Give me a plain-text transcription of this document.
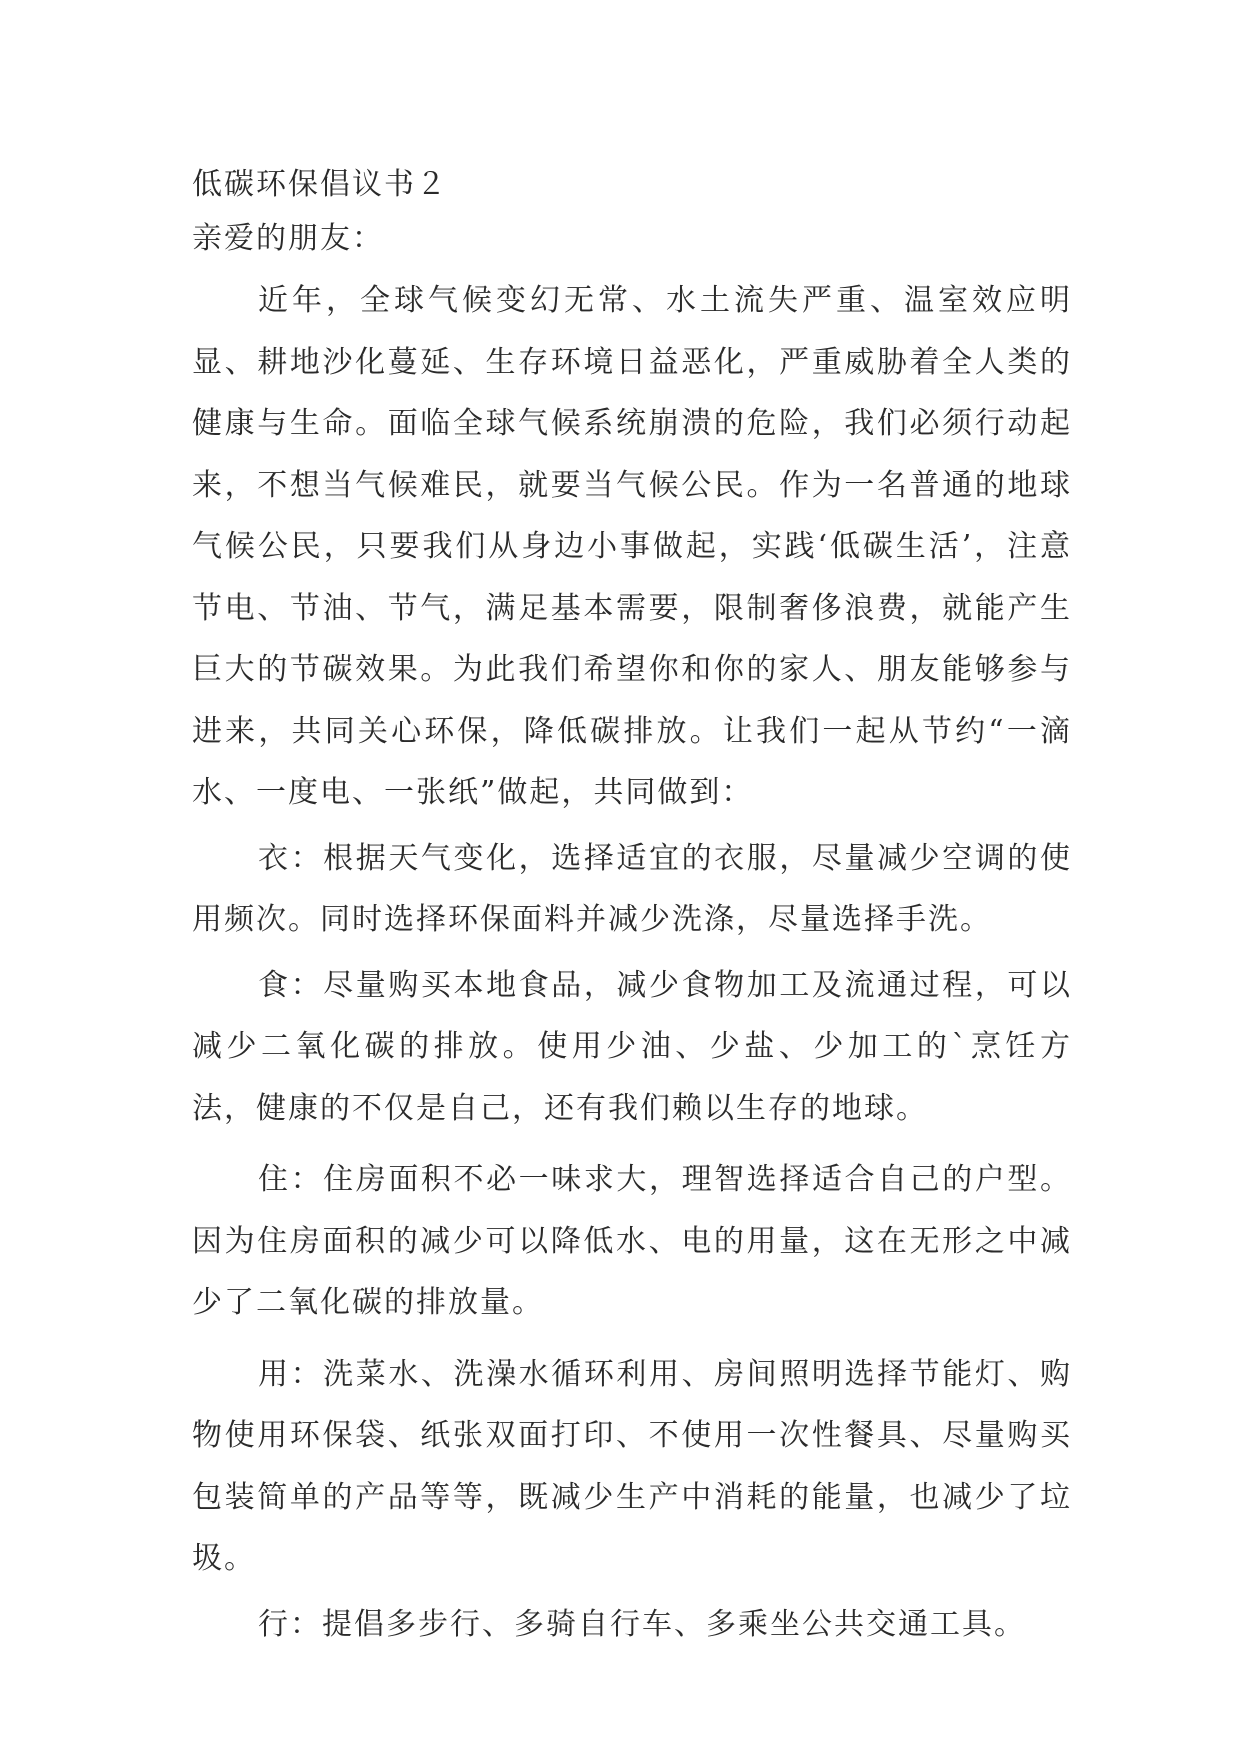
低碳环保倡议书２

亲爱的朋友：

近年，全球气候变幻无常、水土流失严重、温室效应明显、耕地沙化蔓延、生存环境日益恶化，严重威胁着全人类的健康与生命。面临全球气候系统崩溃的危险，我们必须行动起来，不想当气候难民，就要当气候公民。作为一名普通的地球气候公民，只要我们从身边小事做起，实践‘低碳生活’，注意节电、节油、节气，满足基本需要，限制奢侈浪费，就能产生巨大的节碳效果。为此我们希望你和你的家人、朋友能够参与进来，共同关心环保，降低碳排放。让我们一起从节约“一滴水、一度电、一张纸”做起，共同做到：

衣：根据天气变化，选择适宜的衣服，尽量减少空调的使用频次。同时选择环保面料并减少洗涤，尽量选择手洗。

食：尽量购买本地食品，减少食物加工及流通过程，可以减少二氧化碳的排放。使用少油、少盐、少加工的`烹饪方法，健康的不仅是自己，还有我们赖以生存的地球。

住：住房面积不必一味求大，理智选择适合自己的户型。因为住房面积的减少可以降低水、电的用量，这在无形之中减少了二氧化碳的排放量。

用：洗菜水、洗澡水循环利用、房间照明选择节能灯、购物使用环保袋、纸张双面打印、不使用一次性餐具、尽量购买包装简单的产品等等，既减少生产中消耗的能量，也减少了垃圾。

行：提倡多步行、多骑自行车、多乘坐公共交通工具。
